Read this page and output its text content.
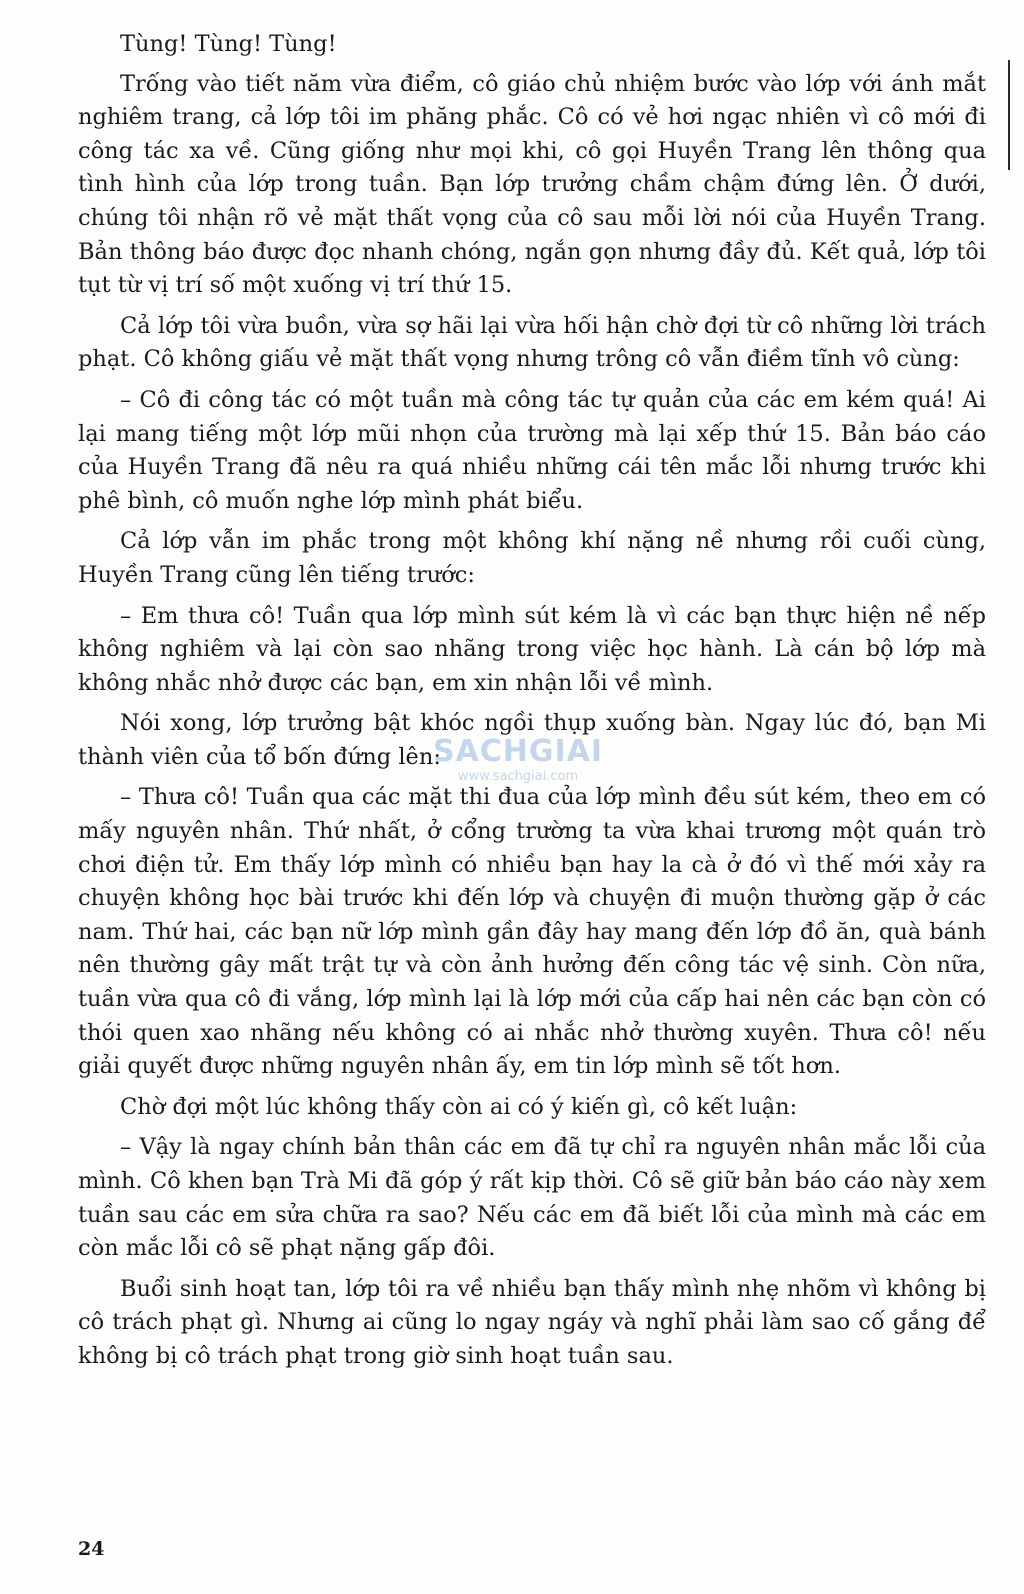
Tùng! Tùng! Tùng!

Trống vào tiết năm vừa điểm, cô giáo chủ nhiệm bước vào lớp với ánh mắt nghiêm trang, cả lớp tôi im phăng phắc. Cô có vẻ hơi ngạc nhiên vì cô mới đi công tác xa về. Cũng giống như mọi khi, cô gọi Huyền Trang lên thông qua tình hình của lớp trong tuần. Bạn lớp trưởng chầm chậm đứng lên. Ở dưới, chúng tôi nhận rõ vẻ mặt thất vọng của cô sau mỗi lời nói của Huyền Trang. Bản thông báo được đọc nhanh chóng, ngắn gọn nhưng đầy đủ. Kết quả, lớp tôi tụt từ vị trí số một xuống vị trí thứ 15.

Cả lớp tôi vừa buồn, vừa sợ hãi lại vừa hối hận chờ đợi từ cô những lời trách phạt. Cô không giấu vẻ mặt thất vọng nhưng trông cô vẫn điềm tĩnh vô cùng:

– Cô đi công tác có một tuần mà công tác tự quản của các em kém quá! Ai lại mang tiếng một lớp mũi nhọn của trường mà lại xếp thứ 15. Bản báo cáo của Huyền Trang đã nêu ra quá nhiều những cái tên mắc lỗi nhưng trước khi phê bình, cô muốn nghe lớp mình phát biểu.

Cả lớp vẫn im phắc trong một không khí nặng nề nhưng rồi cuối cùng, Huyền Trang cũng lên tiếng trước:

– Em thưa cô! Tuần qua lớp mình sút kém là vì các bạn thực hiện nề nếp không nghiêm và lại còn sao nhãng trong việc học hành. Là cán bộ lớp mà không nhắc nhở được các bạn, em xin nhận lỗi về mình.

Nói xong, lớp trưởng bật khóc ngồi thụp xuống bàn. Ngay lúc đó, bạn Mi thành viên của tổ bốn đứng lên:

– Thưa cô! Tuần qua các mặt thi đua của lớp mình đều sút kém, theo em có mấy nguyên nhân. Thứ nhất, ở cổng trường ta vừa khai trương một quán trò chơi điện tử. Em thấy lớp mình có nhiều bạn hay la cà ở đó vì thế mới xảy ra chuyện không học bài trước khi đến lớp và chuyện đi muộn thường gặp ở các nam. Thứ hai, các bạn nữ lớp mình gần đây hay mang đến lớp đồ ăn, quà bánh nên thường gây mất trật tự và còn ảnh hưởng đến công tác vệ sinh. Còn nữa, tuần vừa qua cô đi vắng, lớp mình lại là lớp mới của cấp hai nên các bạn còn có thói quen xao nhãng nếu không có ai nhắc nhở thường xuyên. Thưa cô! nếu giải quyết được những nguyên nhân ấy, em tin lớp mình sẽ tốt hơn.

Chờ đợi một lúc không thấy còn ai có ý kiến gì, cô kết luận:

– Vậy là ngay chính bản thân các em đã tự chỉ ra nguyên nhân mắc lỗi của mình. Cô khen bạn Trà Mi đã góp ý rất kịp thời. Cô sẽ giữ bản báo cáo này xem tuần sau các em sửa chữa ra sao? Nếu các em đã biết lỗi của mình mà các em còn mắc lỗi cô sẽ phạt nặng gấp đôi.

Buổi sinh hoạt tan, lớp tôi ra về nhiều bạn thấy mình nhẹ nhõm vì không bị cô trách phạt gì. Nhưng ai cũng lo ngay ngáy và nghĩ phải làm sao cố gắng để không bị cô trách phạt trong giờ sinh hoạt tuần sau.

SACHGIAI
www.sachgiai.com
24
